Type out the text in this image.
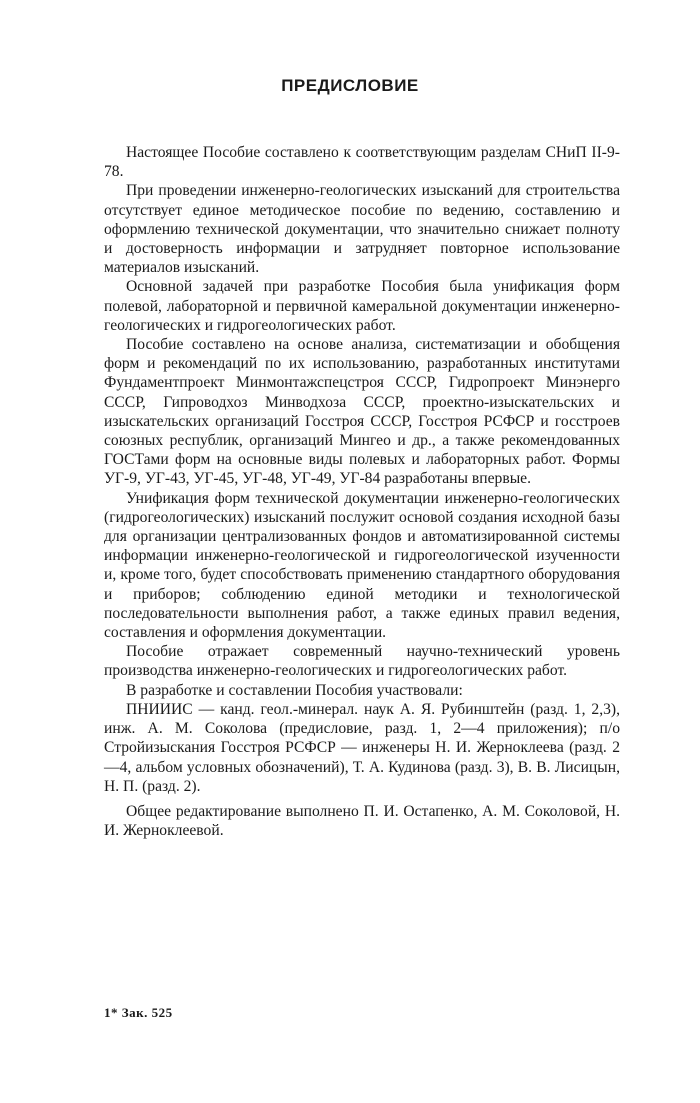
ПРЕДИСЛОВИЕ

Настоящее Пособие составлено к соответствующим разделам СНиП II-9-78.

При проведении инженерно-геологических изысканий для строительства отсутствует единое методическое пособие по ведению, составлению и оформлению технической документации, что значительно снижает полноту и достоверность информации и затрудняет повторное использование материалов изысканий.

Основной задачей при разработке Пособия была унификация форм полевой, лабораторной и первичной камеральной документации инженерно-геологических и гидрогеологических работ.

Пособие составлено на основе анализа, систематизации и обобщения форм и рекомендаций по их использованию, разработанных институтами Фундаментпроект Минмонтажспецстроя СССР, Гидропроект Минэнерго СССР, Гипроводхоз Минводхоза СССР, проектно-изыскательских и изыскательских организаций Госстроя СССР, Госстроя РСФСР и госстроев союзных республик, организаций Мингео и др., а также рекомендованных ГОСТами форм на основные виды полевых и лабораторных работ. Формы УГ-9, УГ-43, УГ-45, УГ-48, УГ-49, УГ-84 разработаны впервые.

Унификация форм технической документации инженерно-геологических (гидрогеологических) изысканий послужит основой создания исходной базы для организации централизованных фондов и автоматизированной системы информации инженерно-геологической и гидрогеологической изученности и, кроме того, будет способствовать применению стандартного оборудования и приборов; соблюдению единой методики и технологической последовательности выполнения работ, а также единых правил ведения, составления и оформления документации.

Пособие отражает современный научно-технический уровень производства инженерно-геологических и гидрогеологических работ.

В разработке и составлении Пособия участвовали:

ПНИИИС — канд. геол.-минерал. наук А. Я. Рубинштейн (разд. 1, 2,3), инж. А. М. Соколова (предисловие, разд. 1, 2—4 приложения); п/о Стройизыскания Госстроя РСФСР — инженеры Н. И. Жерноклеева (разд. 2—4, альбом условных обозначений), Т. А. Кудинова (разд. 3), В. В. Лисицын, Н. П. (разд. 2).

Общее редактирование выполнено П. И. Остапенко, А. М. Соколовой, Н. И. Жерноклеевой.

1* Зак. 525
